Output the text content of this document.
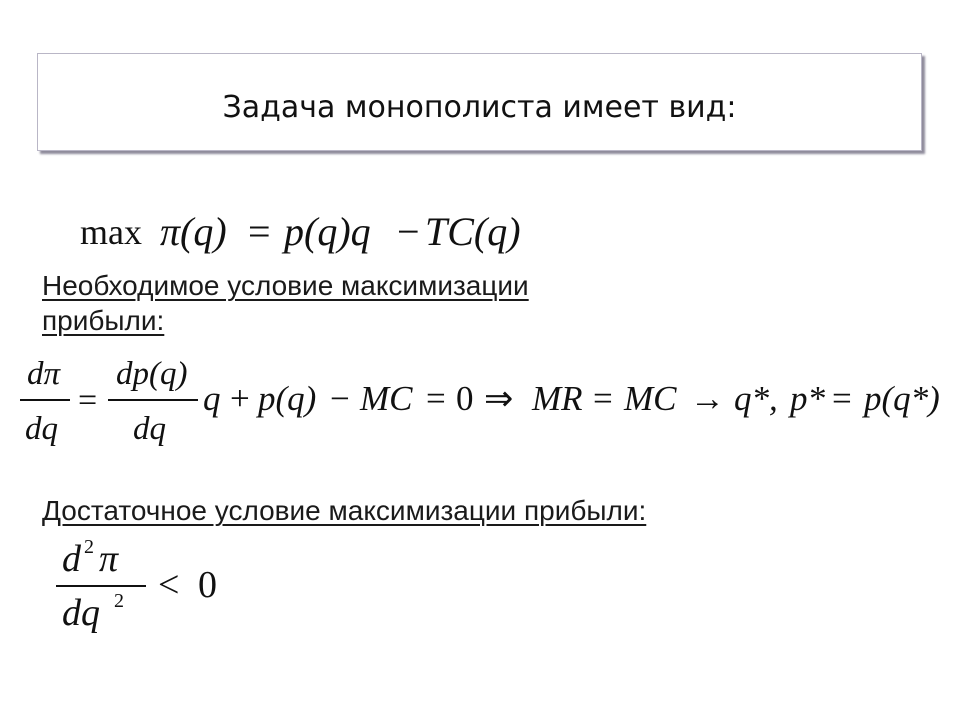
Задача монополиста имеет вид:
max π(q) = p(q)q − TC(q)
Необходимое условие максимизации
прибыли:
dπ
dq
=
dp(q)
dq
q + p(q) − MC = 0 ⇒ MR = MC → q*, p* = p(q*)
Достаточное условие максимизации прибыли:
d 2 π
dq 2 < 0
